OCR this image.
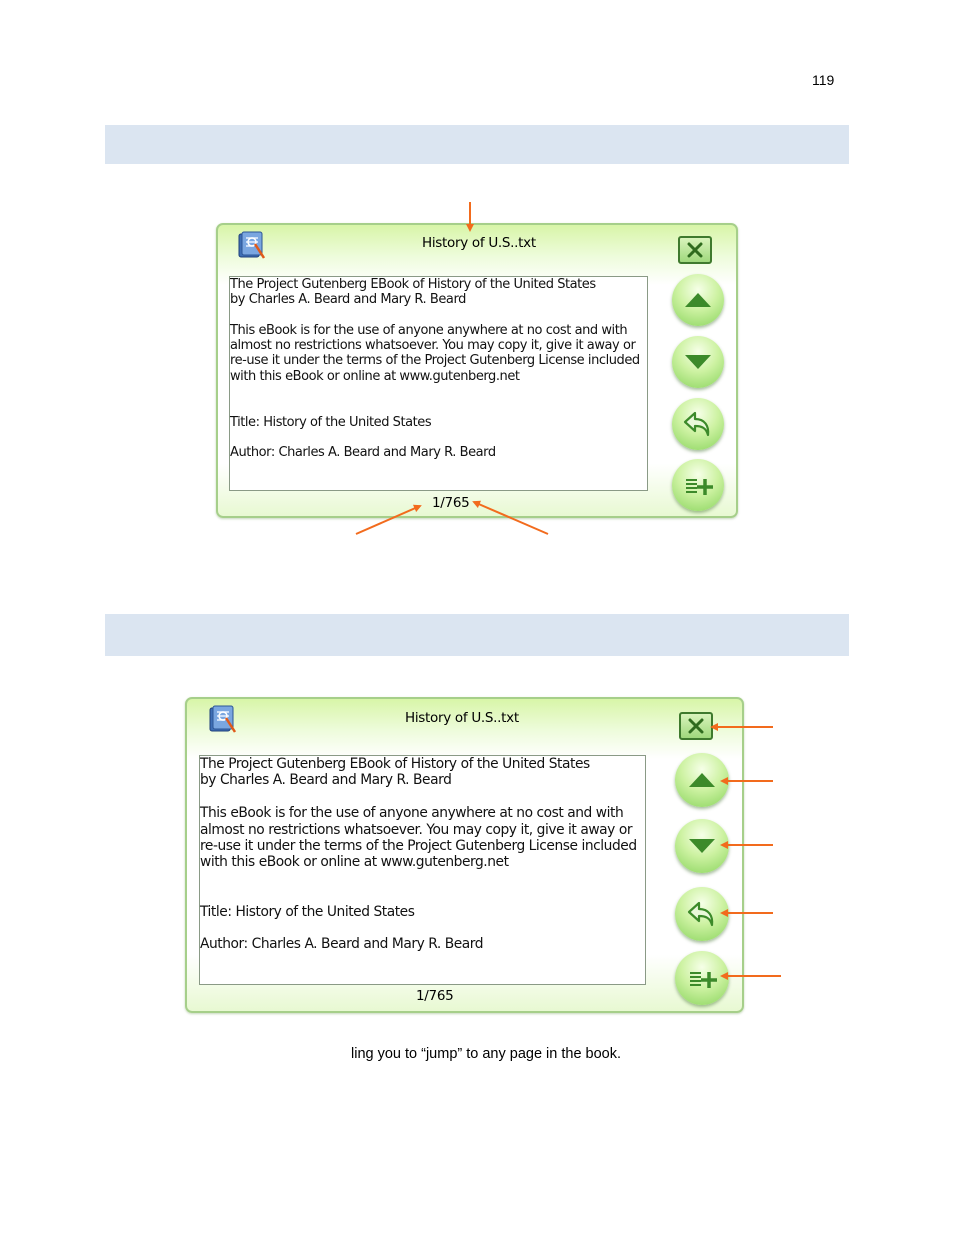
119
History of U.S..txt
The Project Gutenberg EBook of History of the United States
by Charles A. Beard and Mary R. Beard
This eBook is for the use of anyone anywhere at no cost and with
almost no restrictions whatsoever. You may copy it, give it away or
re-use it under the terms of the Project Gutenberg License included
with this eBook or online at www.gutenberg.net
Title: History of the United States
Author: Charles A. Beard and Mary R. Beard
1/765
History of U.S..txt
The Project Gutenberg EBook of History of the United States
by Charles A. Beard and Mary R. Beard
This eBook is for the use of anyone anywhere at no cost and with
almost no restrictions whatsoever. You may copy it, give it away or
re-use it under the terms of the Project Gutenberg License included
with this eBook or online at www.gutenberg.net
Title: History of the United States
Author: Charles A. Beard and Mary R. Beard
1/765
ling you to “jump” to any page in the book.
